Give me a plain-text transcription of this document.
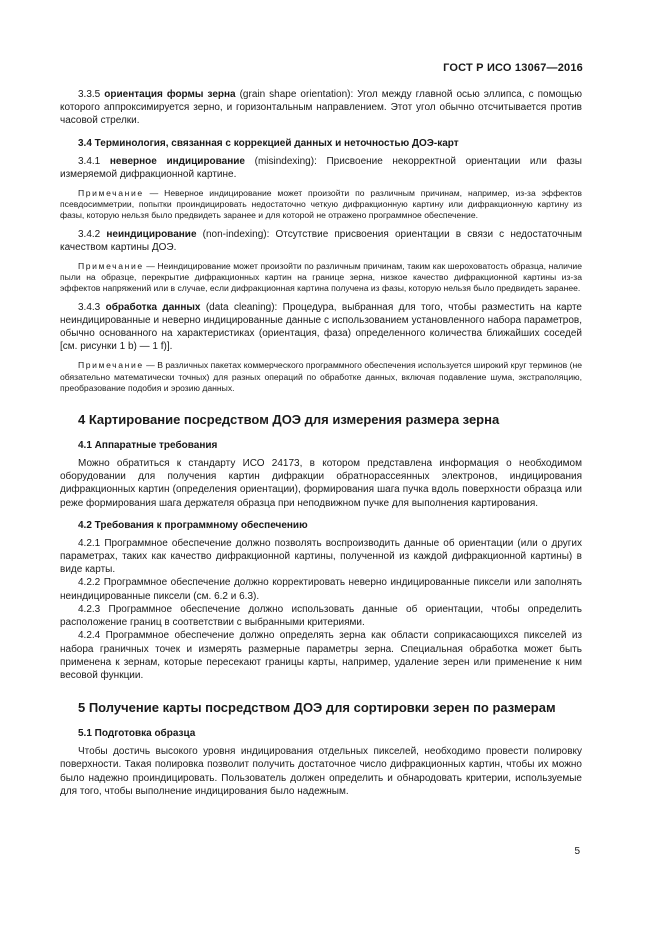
ГОСТ Р ИСО 13067—2016

3.3.5 ориентация формы зерна (grain shape orientation): Угол между главной осью эллипса, с помощью которого аппроксимируется зерно, и горизонтальным направлением. Этот угол обычно отсчитывается против часовой стрелки.

3.4 Терминология, связанная с коррекцией данных и неточностью ДОЭ-карт

3.4.1 неверное индицирование (misindexing): Присвоение некорректной ориентации или фазы измеряемой дифракционной картине.

Примечание — Неверное индицирование может произойти по различным причинам, например, из-за эффектов псевдосимметрии, попытки проиндицировать недостаточно четкую дифракционную картину или дифракционную картину из фазы, которую нельзя было предвидеть заранее и для которой не отражено программное обеспечение.

3.4.2 неиндицирование (non-indexing): Отсутствие присвоения ориентации в связи с недостаточным качеством картины ДОЭ.

Примечание — Неиндицирование может произойти по различным причинам, таким как шероховатость образца, наличие пыли на образце, перекрытие дифракционных картин на границе зерна, низкое качество дифракционной картины из-за эффектов напряжений или в случае, если дифракционная картина получена из фазы, которую нельзя было предвидеть заранее.

3.4.3 обработка данных (data cleaning): Процедура, выбранная для того, чтобы разместить на карте неиндицированные и неверно индицированные данные с использованием установленного набора параметров, обычно основанного на характеристиках (ориентация, фаза) определенного количества ближайших соседей [см. рисунки 1 b) — 1 f)].

Примечание — В различных пакетах коммерческого программного обеспечения используется широкий круг терминов (не обязательно математически точных) для разных операций по обработке данных, включая подавление шума, экстраполяцию, преобразование подобия и эрозию данных.
4 Картирование посредством ДОЭ для измерения размера зерна
4.1 Аппаратные требования

Можно обратиться к стандарту ИСО 24173, в котором представлена информация о необходимом оборудовании для получения картин дифракции обратнорассеянных электронов, индицирования дифракционных картин (определения ориентации), формирования шага пучка вдоль поверхности образца или реже формирования шага держателя образца при неподвижном пучке для выполнения картирования.

4.2 Требования к программному обеспечению

4.2.1 Программное обеспечение должно позволять воспроизводить данные об ориентации (или о других параметрах, таких как качество дифракционной картины, полученной из каждой дифракционной картины) в виде карты.

4.2.2 Программное обеспечение должно корректировать неверно индицированные пиксели или заполнять неиндицированные пиксели (см. 6.2 и 6.3).

4.2.3 Программное обеспечение должно использовать данные об ориентации, чтобы определить расположение границ в соответствии с выбранными критериями.

4.2.4 Программное обеспечение должно определять зерна как области соприкасающихся пикселей из набора граничных точек и измерять размерные параметры зерна. Специальная обработка может быть применена к зернам, которые пересекают границы карты, например, удаление зерен или применение к ним весовой функции.

5 Получение карты посредством ДОЭ для сортировки зерен по размерам
5.1 Подготовка образца

Чтобы достичь высокого уровня индицирования отдельных пикселей, необходимо провести полировку поверхности. Такая полировка позволит получить достаточное число дифракционных картин, чтобы их можно было надежно проиндицировать. Пользователь должен определить и обнародовать критерии, используемые для того, чтобы выполнение индицирования было надежным.

5
